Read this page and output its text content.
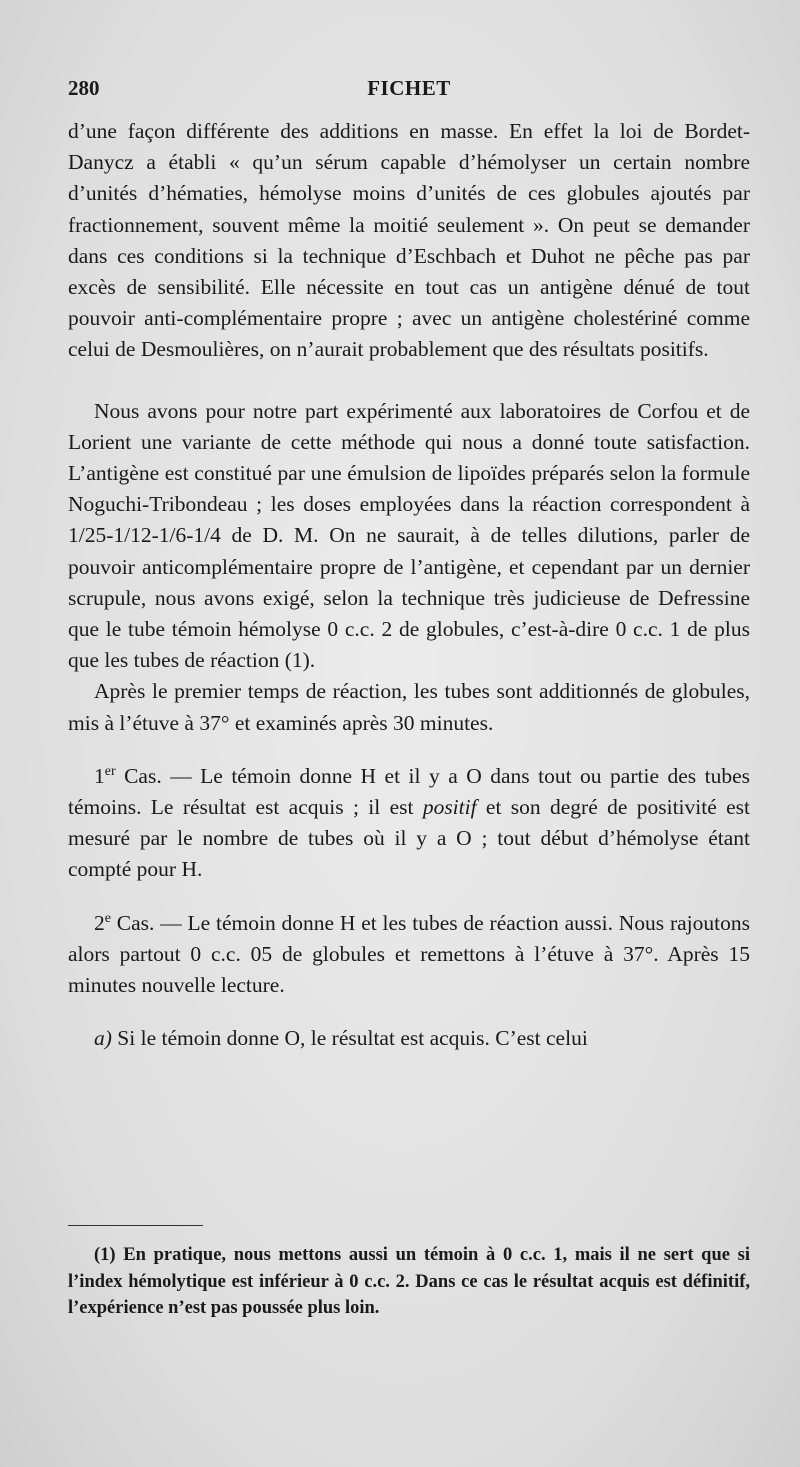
280	FICHET

d’une façon différente des additions en masse. En effet la loi de Bordet-Danycz a établi « qu’un sérum capable d’hémolyser un certain nombre d’unités d’hématies, hémolyse moins d’unités de ces globules ajoutés par fractionnement, souvent même la moitié seulement ». On peut se demander dans ces conditions si la technique d’Eschbach et Duhot ne pêche pas par excès de sensibilité. Elle nécessite en tout cas un antigène dénué de tout pouvoir anti-complémentaire propre ; avec un antigène cholestériné comme celui de Desmoulières, on n’aurait probablement que des résultats positifs.

Nous avons pour notre part expérimenté aux laboratoires de Corfou et de Lorient une variante de cette méthode qui nous a donné toute satisfaction. L’antigène est constitué par une émulsion de lipoïdes préparés selon la formule Noguchi-Tribondeau ; les doses employées dans la réaction correspondent à 1/25-1/12-1/6-1/4 de D. M. On ne saurait, à de telles dilutions, parler de pouvoir anticomplémentaire propre de l’antigène, et cependant par un dernier scrupule, nous avons exigé, selon la technique très judicieuse de Defressine que le tube témoin hémolyse 0 c.c. 2 de globules, c’est-à-dire 0 c.c. 1 de plus que les tubes de réaction (1).

Après le premier temps de réaction, les tubes sont additionnés de globules, mis à l’étuve à 37° et examinés après 30 minutes.

1er Cas. — Le témoin donne H et il y a O dans tout ou partie des tubes témoins. Le résultat est acquis ; il est positif et son degré de positivité est mesuré par le nombre de tubes où il y a O ; tout début d’hémolyse étant compté pour H.

2e Cas. — Le témoin donne H et les tubes de réaction aussi. Nous rajoutons alors partout 0 c.c. 05 de globules et remettons à l’étuve à 37°. Après 15 minutes nouvelle lecture.

a) Si le témoin donne O, le résultat est acquis. C’est celui

(1) En pratique, nous mettons aussi un témoin à 0 c.c. 1, mais il ne sert que si l’index hémolytique est inférieur à 0 c.c. 2. Dans ce cas le résultat acquis est définitif, l’expérience n’est pas poussée plus loin.
